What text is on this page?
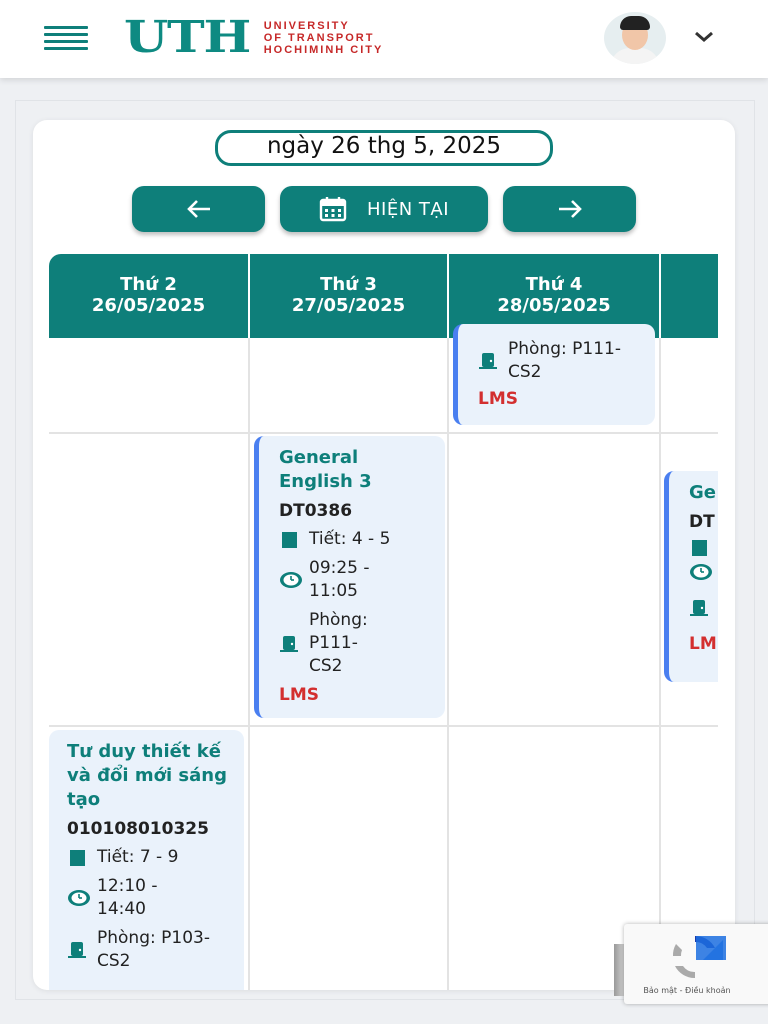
UTH UNIVERSITY
OF TRANSPORT
HOCHIMINH CITY
ngày 26 thg 5, 2025
HIỆN TẠI
Thứ 2
26/05/2025
Thứ 3
27/05/2025
Thứ 4
28/05/2025
Phòng: P111- CS2
LMS
General English 3
DT0386
Tiết: 4 - 5
09:25 - 11:05
Phòng: P111- CS2
LMS
Ge
DT
LM
Tư duy thiết kế và đổi mới sáng tạo
010108010325
Tiết: 7 - 9
12:10 - 14:40
Phòng: P103- CS2
Bảo mật - Điều khoản
